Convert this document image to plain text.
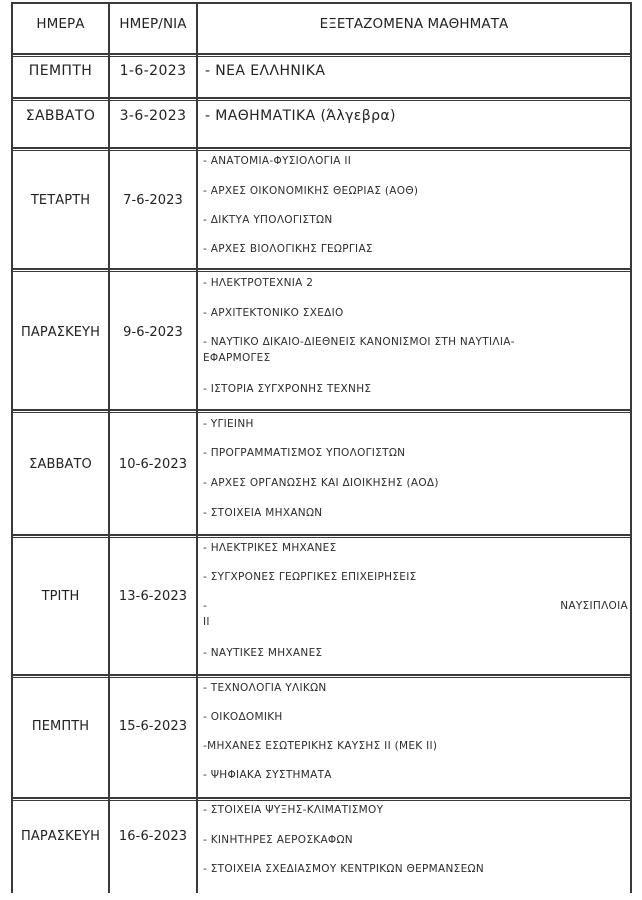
ΗΜΕΡΑ	ΗΜΕΡ/ΝΙΑ	ΕΞΕΤΑΖΟΜΕΝΑ ΜΑΘΗΜΑΤΑ
ΠΕΜΠΤΗ	1-6-2023	- ΝΕΑ ΕΛΛΗΝΙΚΑ
ΣΑΒΒΑΤΟ	3-6-2023	- ΜΑΘΗΜΑΤΙΚΑ (Άλγεβρα)
ΤΕΤΑΡΤΗ	7-6-2023
- ΑΝΑΤΟΜΙΑ-ΦΥΣΙΟΛΟΓΙΑ ΙΙ
- ΑΡΧΕΣ ΟΙΚΟΝΟΜΙΚΗΣ ΘΕΩΡΙΑΣ (ΑΟΘ)
- ΔΙΚΤΥΑ ΥΠΟΛΟΓΙΣΤΩΝ
- ΑΡΧΕΣ ΒΙΟΛΟΓΙΚΗΣ ΓΕΩΡΓΙΑΣ
ΠΑΡΑΣΚΕΥΗ	9-6-2023
- ΗΛΕΚΤΡΟΤΕΧΝΙΑ 2
- ΑΡΧΙΤΕΚΤΟΝΙΚΟ ΣΧΕΔΙΟ
- ΝΑΥΤΙΚΟ ΔΙΚΑΙΟ-ΔΙΕΘΝΕΙΣ ΚΑΝΟΝΙΣΜΟΙ ΣΤΗ ΝΑΥΤΙΛΙΑ-
ΕΦΑΡΜΟΓΕΣ
- ΙΣΤΟΡΙΑ ΣΥΓΧΡΟΝΗΣ ΤΕΧΝΗΣ
ΣΑΒΒΑΤΟ	10-6-2023
- ΥΓΙΕΙΝΗ
- ΠΡΟΓΡΑΜΜΑΤΙΣΜΟΣ ΥΠΟΛΟΓΙΣΤΩΝ
- ΑΡΧΕΣ ΟΡΓΑΝΩΣΗΣ ΚΑΙ ΔΙΟΙΚΗΣΗΣ (ΑΟΔ)
- ΣΤΟΙΧΕΙΑ ΜΗΧΑΝΩΝ
ΤΡΙΤΗ	13-6-2023
- ΗΛΕΚΤΡΙΚΕΣ ΜΗΧΑΝΕΣ
- ΣΥΓΧΡΟΝΕΣ ΓΕΩΡΓΙΚΕΣ ΕΠΙΧΕΙΡΗΣΕΙΣ
-	ΝΑΥΣΙΠΛΟΙΑ
ΙΙ
- ΝΑΥΤΙΚΕΣ ΜΗΧΑΝΕΣ
ΠΕΜΠΤΗ	15-6-2023
- ΤΕΧΝΟΛΟΓΙΑ ΥΛΙΚΩΝ
- ΟΙΚΟΔΟΜΙΚΗ
-ΜΗΧΑΝΕΣ ΕΣΩΤΕΡΙΚΗΣ ΚΑΥΣΗΣ ΙΙ (ΜΕΚ ΙΙ)
- ΨΗΦΙΑΚΑ ΣΥΣΤΗΜΑΤΑ
ΠΑΡΑΣΚΕΥΗ	16-6-2023
- ΣΤΟΙΧΕΙΑ ΨΥΞΗΣ-ΚΛΙΜΑΤΙΣΜΟΥ
- ΚΙΝΗΤΗΡΕΣ ΑΕΡΟΣΚΑΦΩΝ
- ΣΤΟΙΧΕΙΑ ΣΧΕΔΙΑΣΜΟΥ ΚΕΝΤΡΙΚΩΝ ΘΕΡΜΑΝΣΕΩΝ
